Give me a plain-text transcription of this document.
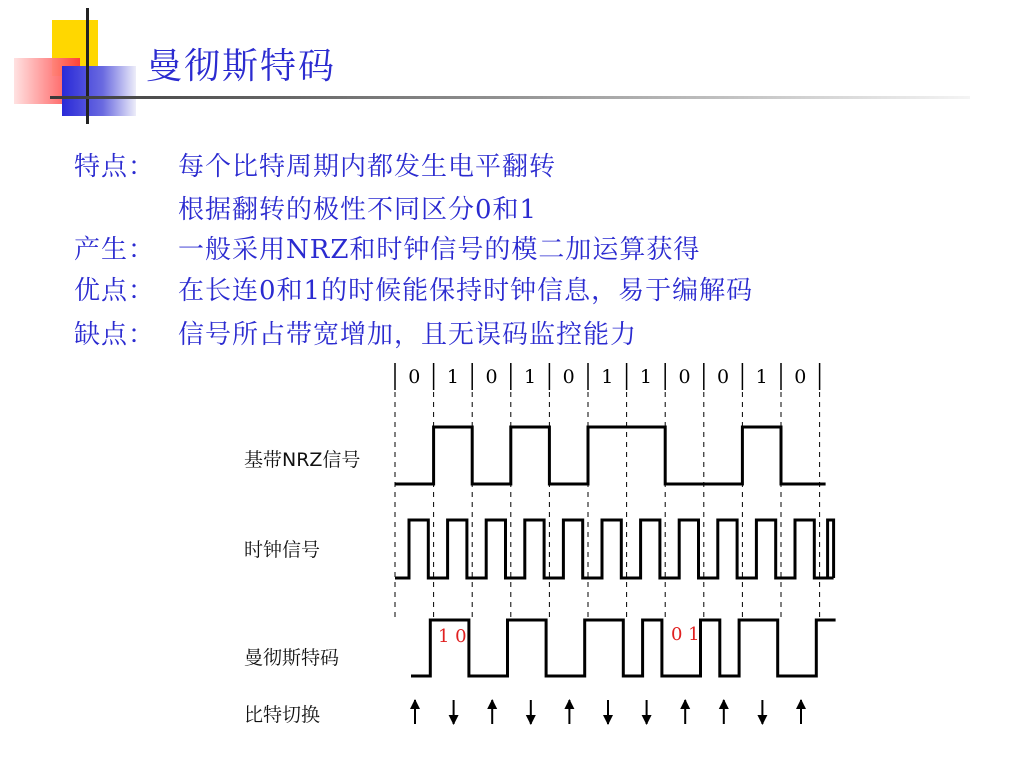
曼彻斯特码
特点： 每个比特周期内都发生电平翻转
根据翻转的极性不同区分0和1
产生： 一般采用NRZ和时钟信号的模二加运算获得
优点： 在长连0和1的时候能保持时钟信息，易于编解码
缺点： 信号所占带宽增加，且无误码监控能力
0 1 0 1 0 1 1 0 0 1 0
基带NRZ信号
时钟信号
曼彻斯特码
比特切换
1 0	0 1
